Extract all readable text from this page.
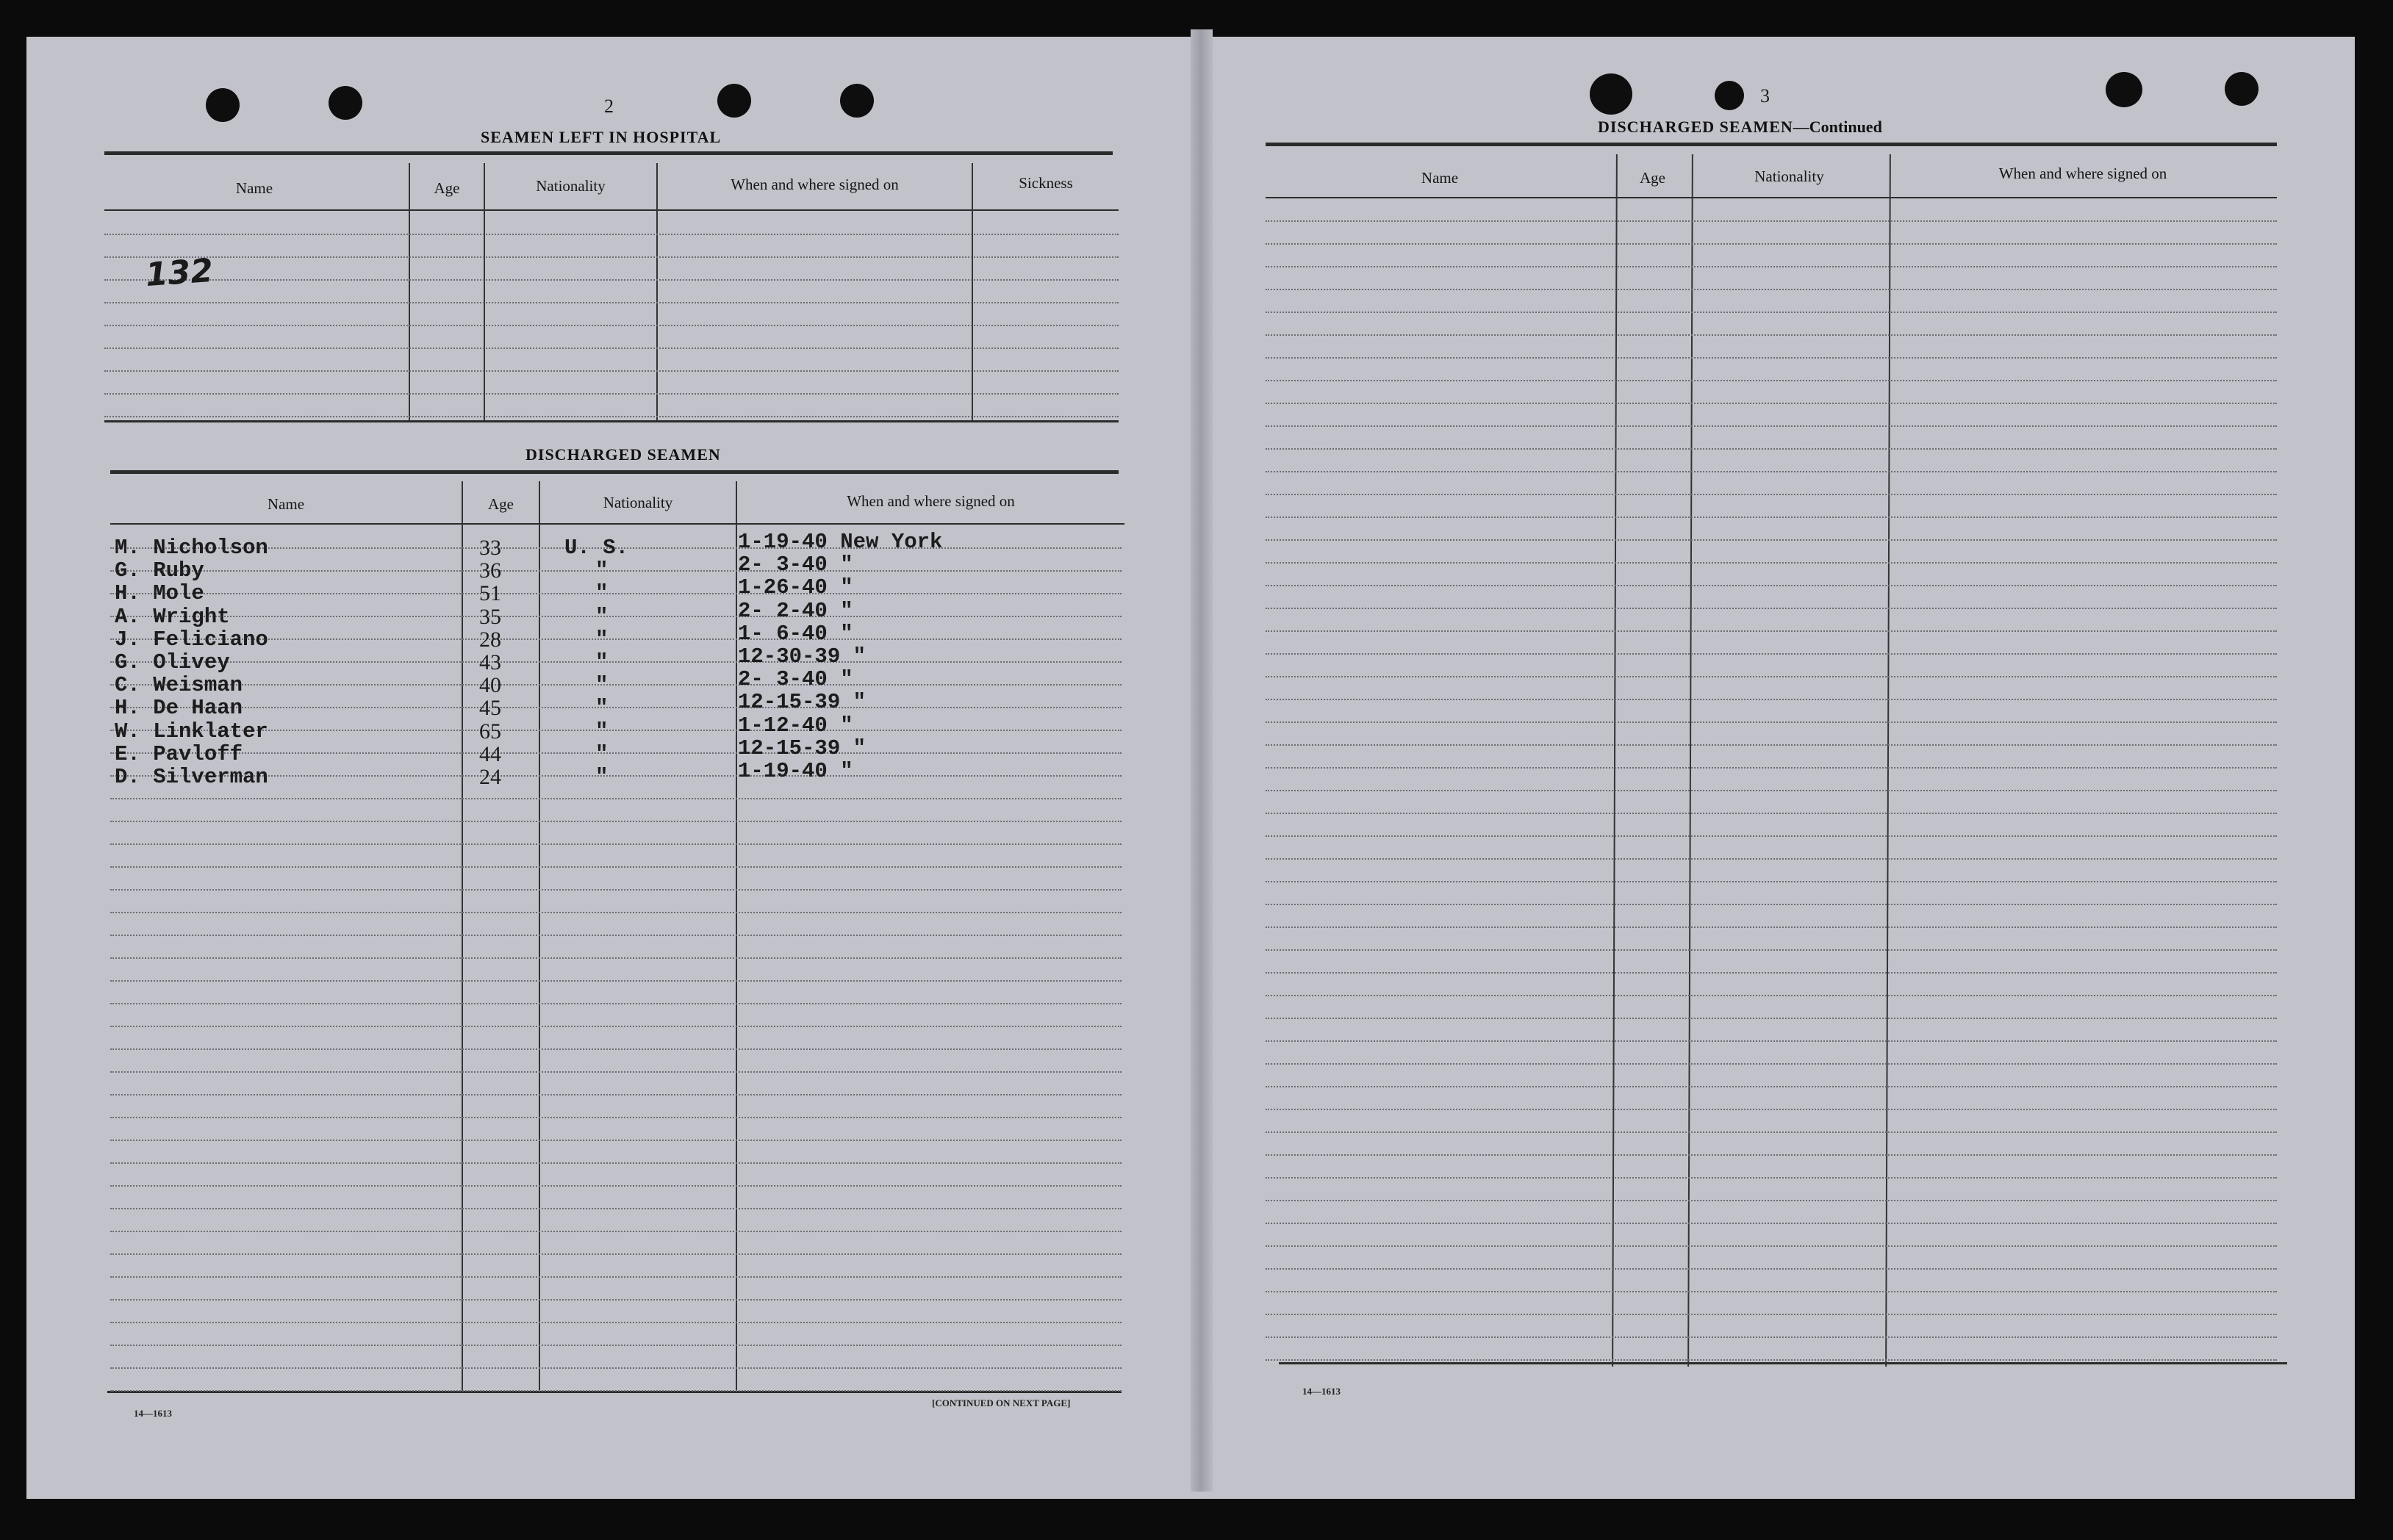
2
SEAMEN LEFT IN HOSPITAL
Name	Age	Nationality	When and where signed on	Sickness
132
DISCHARGED SEAMEN
Name	Age	Nationality	When and where signed on
M. Nicholson	33	U. S.	1-19-40 New York
G. Ruby	36	"	2- 3-40 "
H. Mole	51	"	1-26-40 "
A. Wright	35	"	2- 2-40 "
J. Feliciano	28	"	1- 6-40 "
G. Olivey	43	"	12-30-39 "
C. Weisman	40	"	2- 3-40 "
H. De Haan	45	"	12-15-39 "
W. Linklater	65	"	1-12-40 "
E. Pavloff	44	"	12-15-39 "
D. Silverman	24	"	1-19-40 "
14—1613
[CONTINUED ON NEXT PAGE]
3
DISCHARGED SEAMEN—Continued
Name	Age	Nationality	When and where signed on
14—1613
